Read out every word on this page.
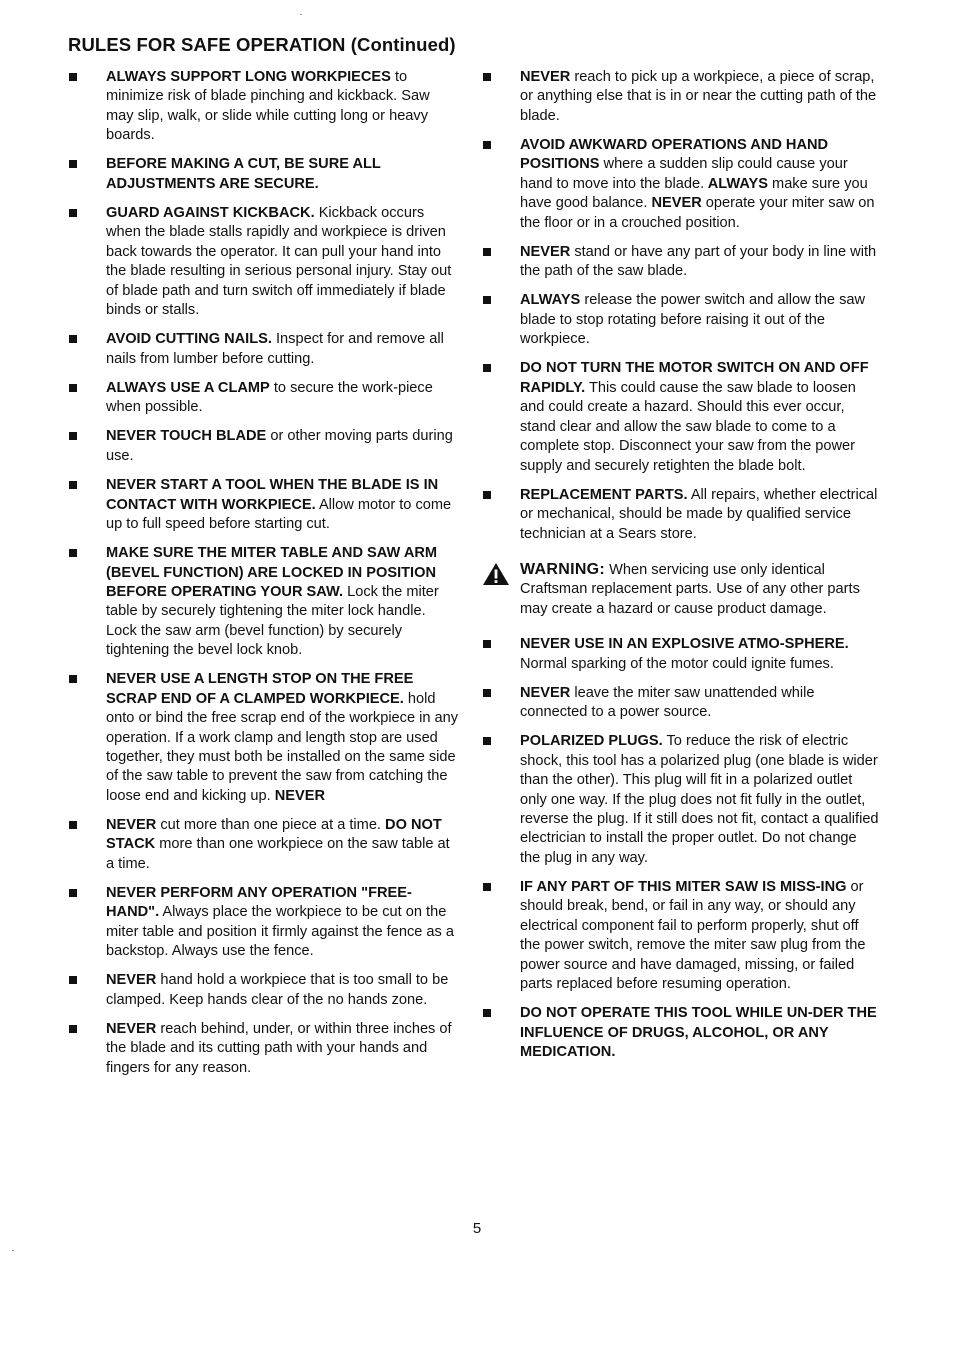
RULES FOR SAFE OPERATION (Continued)
ALWAYS SUPPORT LONG WORKPIECES to minimize risk of blade pinching and kickback. Saw may slip, walk, or slide while cutting long or heavy boards.
BEFORE MAKING A CUT, BE SURE ALL ADJUSTMENTS ARE SECURE.
GUARD AGAINST KICKBACK. Kickback occurs when the blade stalls rapidly and workpiece is driven back towards the operator. It can pull your hand into the blade resulting in serious personal injury. Stay out of blade path and turn switch off immediately if blade binds or stalls.
AVOID CUTTING NAILS. Inspect for and remove all nails from lumber before cutting.
ALWAYS USE A CLAMP to secure the work-piece when possible.
NEVER TOUCH BLADE or other moving parts during use.
NEVER START A TOOL WHEN THE BLADE IS IN CONTACT WITH WORKPIECE. Allow motor to come up to full speed before starting cut.
MAKE SURE THE MITER TABLE AND SAW ARM (BEVEL FUNCTION) ARE LOCKED IN POSITION BEFORE OPERATING YOUR SAW. Lock the miter table by securely tightening the miter lock handle. Lock the saw arm (bevel function) by securely tightening the bevel lock knob.
NEVER USE A LENGTH STOP ON THE FREE SCRAP END OF A CLAMPED WORKPIECE. hold onto or bind the free scrap end of the workpiece in any operation. If a work clamp and length stop are used together, they must both be installed on the same side of the saw table to prevent the saw from catching the loose end and kicking up. NEVER
NEVER cut more than one piece at a time. DO NOT STACK more than one workpiece on the saw table at a time.
NEVER PERFORM ANY OPERATION "FREE-HAND". Always place the workpiece to be cut on the miter table and position it firmly against the fence as a backstop. Always use the fence.
NEVER hand hold a workpiece that is too small to be clamped. Keep hands clear of the no hands zone.
NEVER reach behind, under, or within three inches of the blade and its cutting path with your hands and fingers for any reason.
NEVER reach to pick up a workpiece, a piece of scrap, or anything else that is in or near the cutting path of the blade.
AVOID AWKWARD OPERATIONS AND HAND POSITIONS where a sudden slip could cause your hand to move into the blade. ALWAYS make sure you have good balance. NEVER operate your miter saw on the floor or in a crouched position.
NEVER stand or have any part of your body in line with the path of the saw blade.
ALWAYS release the power switch and allow the saw blade to stop rotating before raising it out of the workpiece.
DO NOT TURN THE MOTOR SWITCH ON AND OFF RAPIDLY. This could cause the saw blade to loosen and could create a hazard. Should this ever occur, stand clear and allow the saw blade to come to a complete stop. Disconnect your saw from the power supply and securely retighten the blade bolt.
REPLACEMENT PARTS. All repairs, whether electrical or mechanical, should be made by qualified service technician at a Sears store.
WARNING: When servicing use only identical Craftsman replacement parts. Use of any other parts may create a hazard or cause product damage.
NEVER USE IN AN EXPLOSIVE ATMO-SPHERE. Normal sparking of the motor could ignite fumes.
NEVER leave the miter saw unattended while connected to a power source.
POLARIZED PLUGS. To reduce the risk of electric shock, this tool has a polarized plug (one blade is wider than the other). This plug will fit in a polarized outlet only one way. If the plug does not fit fully in the outlet, reverse the plug. If it still does not fit, contact a qualified electrician to install the proper outlet. Do not change the plug in any way.
IF ANY PART OF THIS MITER SAW IS MISS-ING or should break, bend, or fail in any way, or should any electrical component fail to perform properly, shut off the power switch, remove the miter saw plug from the power source and have damaged, missing, or failed parts replaced before resuming operation.
DO NOT OPERATE THIS TOOL WHILE UN-DER THE INFLUENCE OF DRUGS, ALCOHOL, OR ANY MEDICATION.
5
